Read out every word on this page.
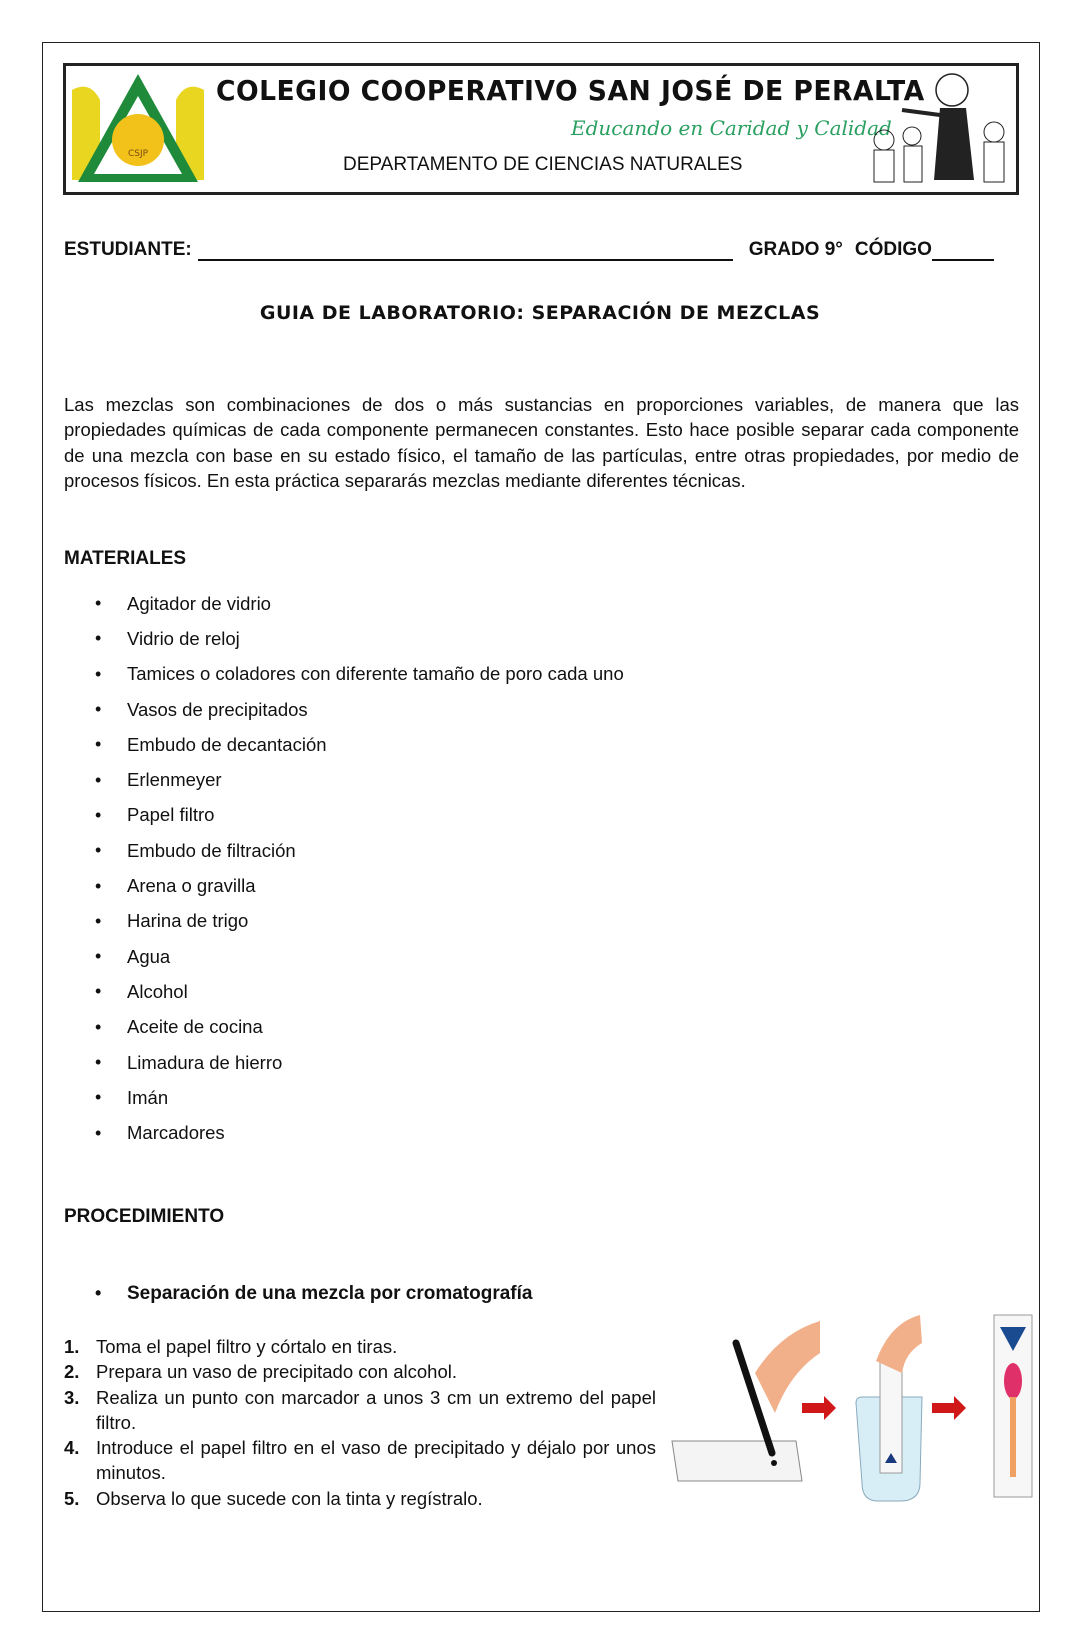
CSJP
COLEGIO COOPERATIVO SAN JOSÉ DE PERALTA
Educando en Caridad y Calidad
DEPARTAMENTO DE CIENCIAS NATURALES
ESTUDIANTE:	GRADO 9° CÓDIGO
GUIA DE LABORATORIO: SEPARACIÓN DE MEZCLAS

Las mezclas son combinaciones de dos o más sustancias en proporciones variables, de manera que las propiedades químicas de cada componente permanecen constantes. Esto hace posible separar cada componente de una mezcla con base en su estado físico, el tamaño de las partículas, entre otras propiedades, por medio de procesos físicos. En esta práctica separarás mezclas mediante diferentes técnicas.

MATERIALES
•	Agitador de vidrio
•	Vidrio de reloj
•	Tamices o coladores con diferente tamaño de poro cada uno
•	Vasos de precipitados
•	Embudo de decantación
•	Erlenmeyer
•	Papel filtro
•	Embudo de filtración
•	Arena o gravilla
•	Harina de trigo
•	Agua
•	Alcohol
•	Aceite de cocina
•	Limadura de hierro
•	Imán
•	Marcadores
PROCEDIMIENTO
•	Separación de una mezcla por cromatografía
1. Toma el papel filtro y córtalo en tiras.
2. Prepara un vaso de precipitado con alcohol.
3. Realiza un punto con marcador a unos 3 cm un extremo del papel filtro.
4. Introduce el papel filtro en el vaso de precipitado y déjalo por unos minutos.
5. Observa lo que sucede con la tinta y regístralo.
